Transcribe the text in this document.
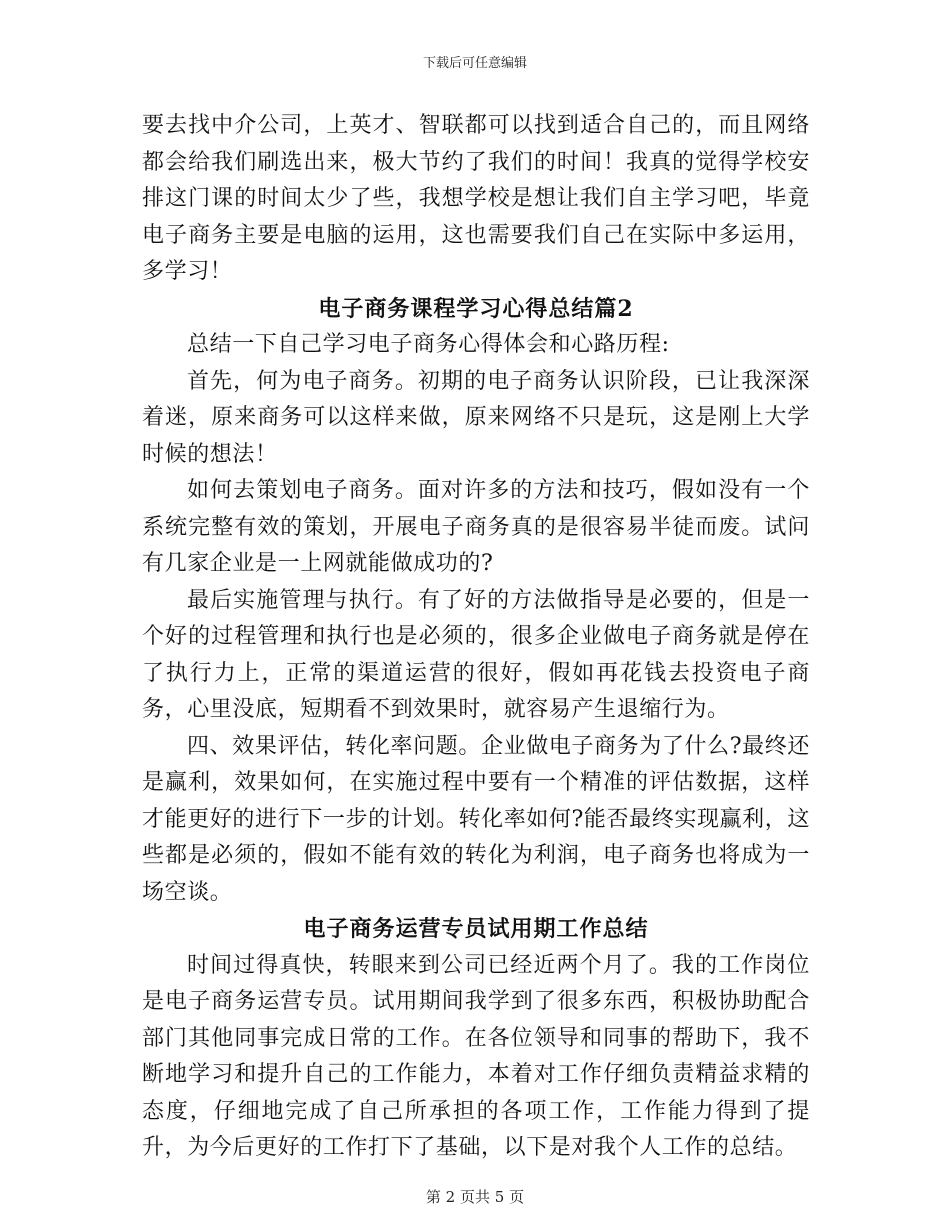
下载后可任意编辑

要去找中介公司，上英才、智联都可以找到适合自己的，而且网络都会给我们刷选出来，极大节约了我们的时间！我真的觉得学校安排这门课的时间太少了些，我想学校是想让我们自主学习吧，毕竟电子商务主要是电脑的运用，这也需要我们自己在实际中多运用，多学习！

电子商务课程学习心得总结篇2

总结一下自己学习电子商务心得体会和心路历程:

首先，何为电子商务。初期的电子商务认识阶段，已让我深深着迷，原来商务可以这样来做，原来网络不只是玩，这是刚上大学时候的想法！

如何去策划电子商务。面对许多的方法和技巧，假如没有一个系统完整有效的策划，开展电子商务真的是很容易半徒而废。试问有几家企业是一上网就能做成功的?

最后实施管理与执行。有了好的方法做指导是必要的，但是一个好的过程管理和执行也是必须的，很多企业做电子商务就是停在了执行力上，正常的渠道运营的很好，假如再花钱去投资电子商务，心里没底，短期看不到效果时，就容易产生退缩行为。

四、效果评估，转化率问题。企业做电子商务为了什么?最终还是赢利，效果如何，在实施过程中要有一个精准的评估数据，这样才能更好的进行下一步的计划。转化率如何?能否最终实现赢利，这些都是必须的，假如不能有效的转化为利润，电子商务也将成为一场空谈。

电子商务运营专员试用期工作总结

时间过得真快，转眼来到公司已经近两个月了。我的工作岗位是电子商务运营专员。试用期间我学到了很多东西，积极协助配合部门其他同事完成日常的工作。在各位领导和同事的帮助下，我不断地学习和提升自己的工作能力，本着对工作仔细负责精益求精的态度，仔细地完成了自己所承担的各项工作，工作能力得到了提升，为今后更好的工作打下了基础，以下是对我个人工作的总结。

第 2 页共 5 页
